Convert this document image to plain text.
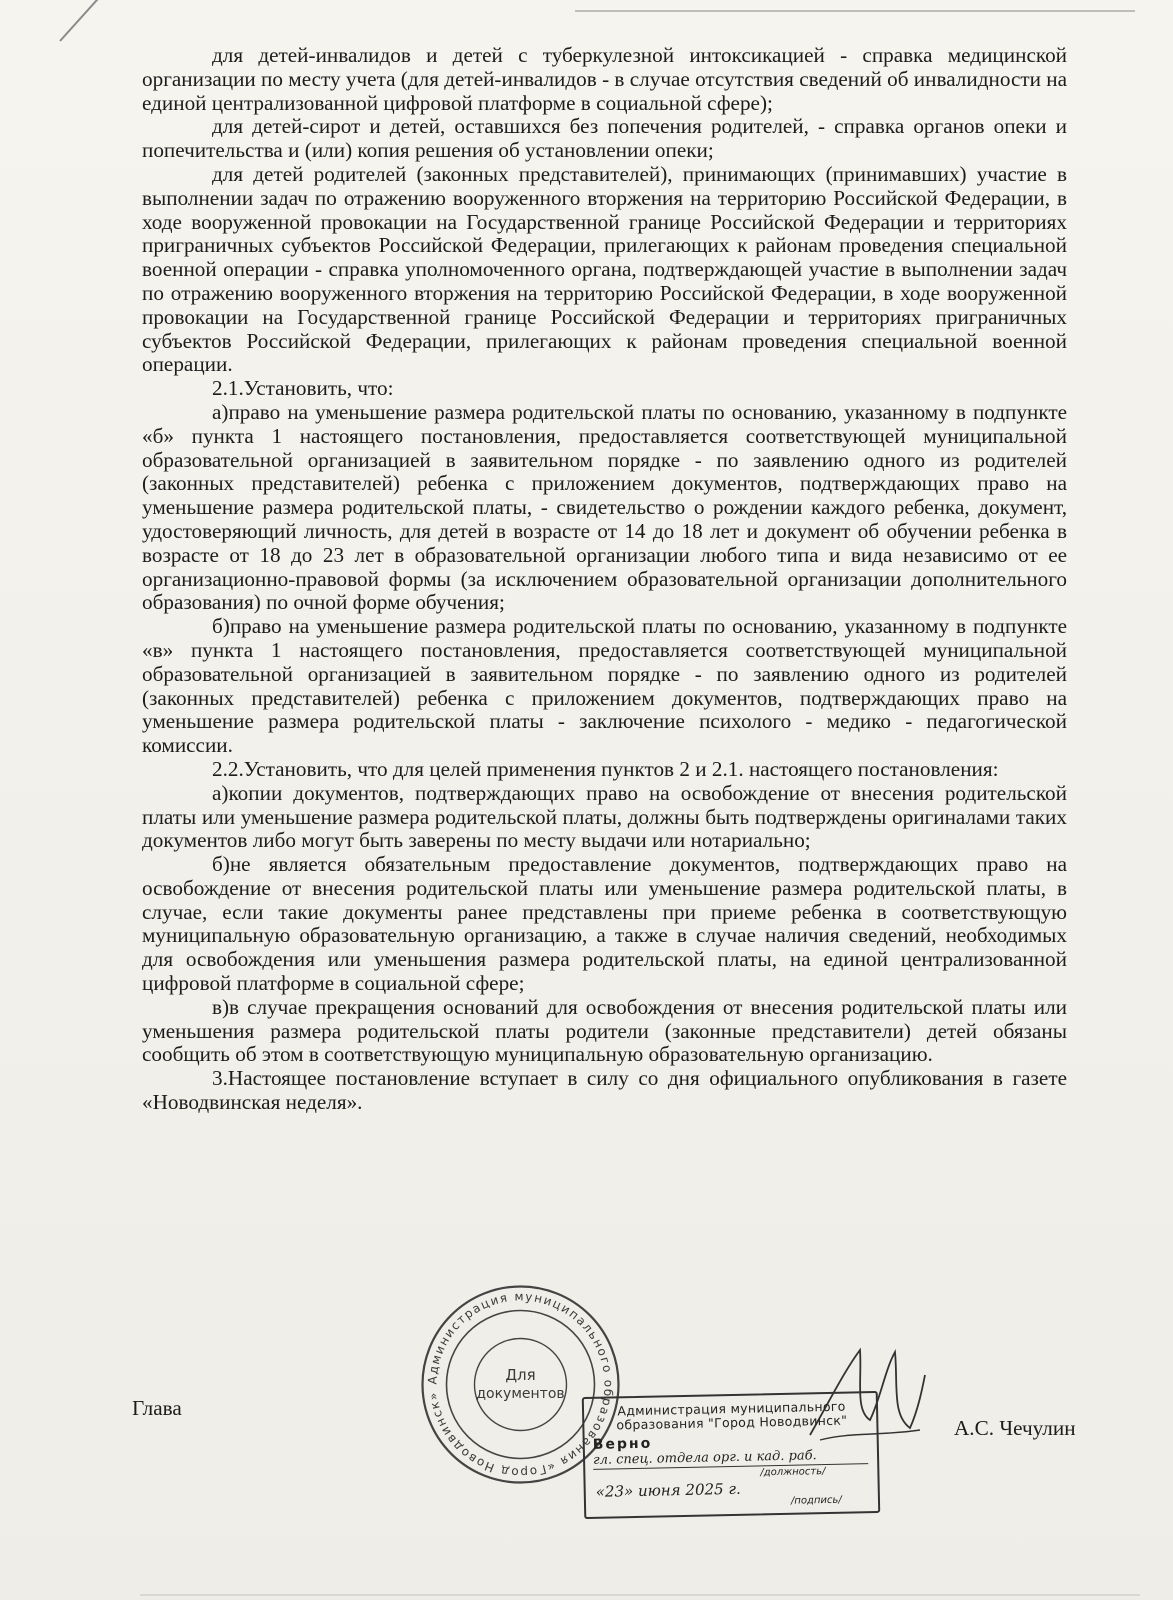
для детей-инвалидов и детей с туберкулезной интоксикацией - справка медицинской организации по месту учета (для детей-инвалидов - в случае отсутствия сведений об инвалидности на единой централизованной цифровой платформе в социальной сфере);

для детей-сирот и детей, оставшихся без попечения родителей, - справка органов опеки и попечительства и (или) копия решения об установлении опеки;

для детей родителей (законных представителей), принимающих (принимавших) участие в выполнении задач по отражению вооруженного вторжения на территорию Российской Федерации, в ходе вооруженной провокации на Государственной границе Российской Федерации и территориях приграничных субъектов Российской Федерации, прилегающих к районам проведения специальной военной операции - справка уполномоченного органа, подтверждающей участие в выполнении задач по отражению вооруженного вторжения на территорию Российской Федерации, в ходе вооруженной провокации на Государственной границе Российской Федерации и территориях приграничных субъектов Российской Федерации, прилегающих к районам проведения специальной военной операции.

2.1.Установить, что:

а)право на уменьшение размера родительской платы по основанию, указанному в подпункте «б» пункта 1 настоящего постановления, предоставляется соответствующей муниципальной образовательной организацией в заявительном порядке - по заявлению одного из родителей (законных представителей) ребенка с приложением документов, подтверждающих право на уменьшение размера родительской платы, - свидетельство о рождении каждого ребенка, документ, удостоверяющий личность, для детей в возрасте от 14 до 18 лет и документ об обучении ребенка в возрасте от 18 до 23 лет в образовательной организации любого типа и вида независимо от ее организационно-правовой формы (за исключением образовательной организации дополнительного образования) по очной форме обучения;

б)право на уменьшение размера родительской платы по основанию, указанному в подпункте «в» пункта 1 настоящего постановления, предоставляется соответствующей муниципальной образовательной организацией в заявительном порядке - по заявлению одного из родителей (законных представителей) ребенка с приложением документов, подтверждающих право на уменьшение размера родительской платы - заключение психолого - медико - педагогической комиссии.

2.2.Установить, что для целей применения пунктов 2 и 2.1. настоящего постановления:

а)копии документов, подтверждающих право на освобождение от внесения родительской платы или уменьшение размера родительской платы, должны быть подтверждены оригиналами таких документов либо могут быть заверены по месту выдачи или нотариально;

б)не является обязательным предоставление документов, подтверждающих право на освобождение от внесения родительской платы или уменьшение размера родительской платы, в случае, если такие документы ранее представлены при приеме ребенка в соответствующую муниципальную образовательную организацию, а также в случае наличия сведений, необходимых для освобождения или уменьшения размера родительской платы, на единой централизованной цифровой платформе в социальной сфере;

в)в случае прекращения оснований для освобождения от внесения родительской платы или уменьшения размера родительской платы родители (законные представители) детей обязаны сообщить об этом в соответствующую муниципальную образовательную организацию.

3.Настоящее постановление вступает в силу со дня официального опубликования в газете «Новодвинская неделя».

Глава
А.С. Чечулин
Администрация муниципального образования «Город Новодвинск»
Для
документов
Администрация муниципального
образования "Город Новодвинск"
Верно
гл. спец. отдела орг. и кад. раб.
/должность/
«23» июня 2025 г.
/подпись/
